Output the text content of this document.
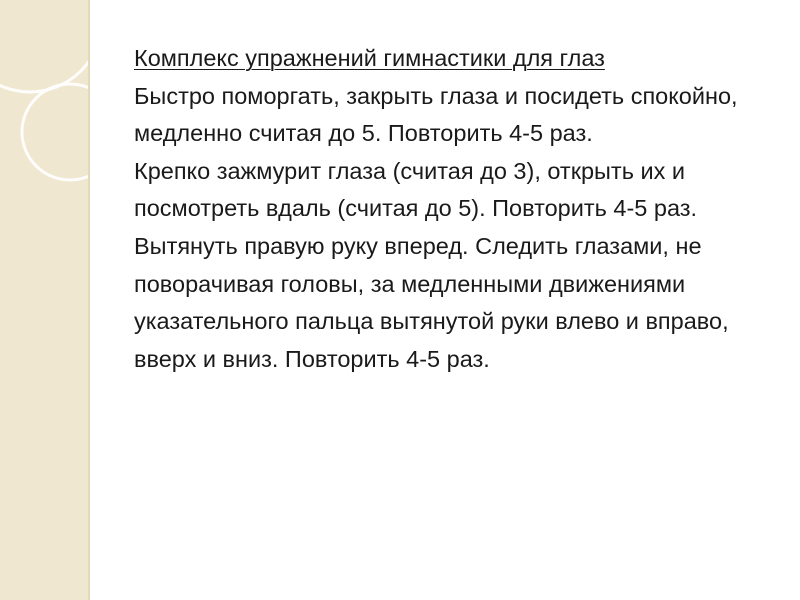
Комплекс упражнений гимнастики для глаз

Быстро поморгать, закрыть глаза и посидеть спокойно, медленно считая до 5. Повторить 4-5 раз.

Крепко зажмурит глаза (считая до 3), открыть их и посмотреть вдаль (считая до 5). Повторить 4-5 раз.

Вытянуть правую руку вперед. Следить глазами, не поворачивая головы, за медленными движениями указательного пальца вытянутой руки влево и вправо, вверх и вниз. Повторить 4-5 раз.
